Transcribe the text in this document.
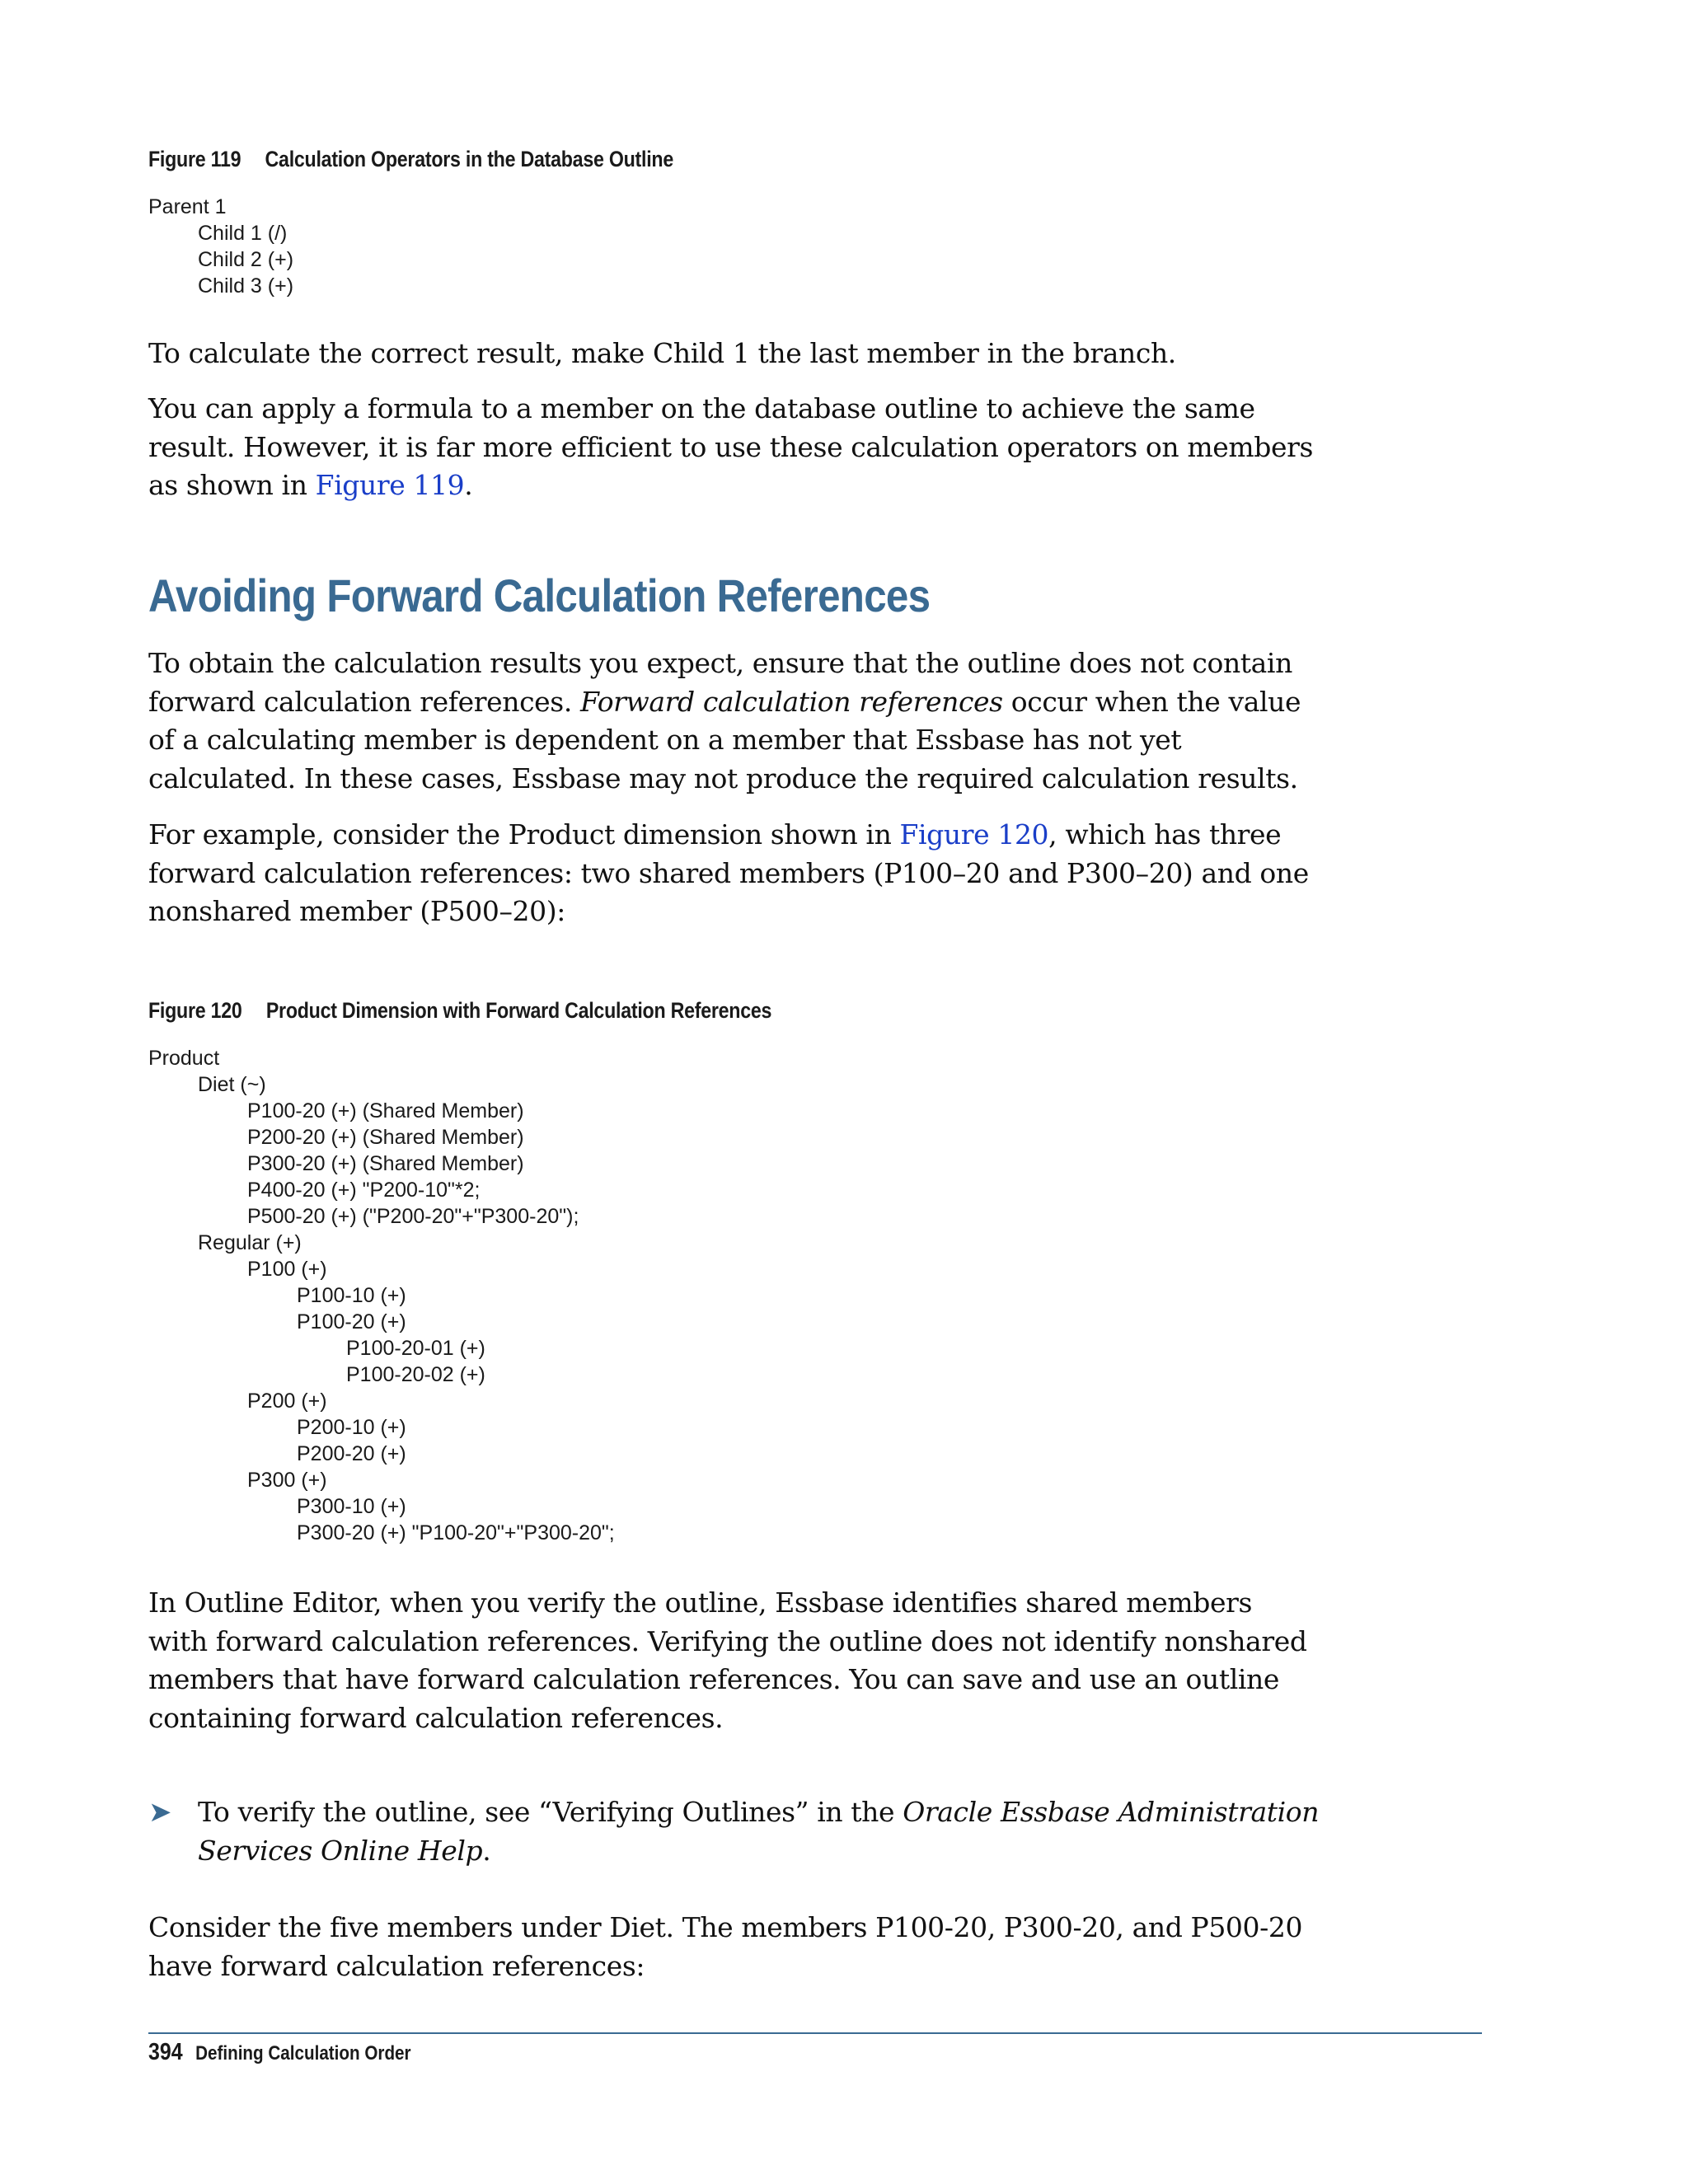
Figure 119 Calculation Operators in the Database Outline
Parent 1
Child 1 (/)
Child 2 (+)
Child 3 (+)

To calculate the correct result, make Child 1 the last member in the branch.

You can apply a formula to a member on the database outline to achieve the same result. However, it is far more efficient to use these calculation operators on members as shown in Figure 119.

Avoiding Forward Calculation References

To obtain the calculation results you expect, ensure that the outline does not contain forward calculation references. Forward calculation references occur when the value of a calculating member is dependent on a member that Essbase has not yet calculated. In these cases, Essbase may not produce the required calculation results.

For example, consider the Product dimension shown in Figure 120, which has three forward calculation references: two shared members (P100–20 and P300–20) and one nonshared member (P500–20):

Figure 120 Product Dimension with Forward Calculation References
Product
Diet (~)
P100-20 (+) (Shared Member)
P200-20 (+) (Shared Member)
P300-20 (+) (Shared Member)
P400-20 (+) "P200-10"*2;
P500-20 (+) ("P200-20"+"P300-20");
Regular (+)
P100 (+)
P100-10 (+)
P100-20 (+)
P100-20-01 (+)
P100-20-02 (+)
P200 (+)
P200-10 (+)
P200-20 (+)
P300 (+)
P300-10 (+)
P300-20 (+) "P100-20"+"P300-20";

In Outline Editor, when you verify the outline, Essbase identifies shared members with forward calculation references. Verifying the outline does not identify nonshared members that have forward calculation references. You can save and use an outline containing forward calculation references.

➤ To verify the outline, see “Verifying Outlines” in the Oracle Essbase Administration Services Online Help.

Consider the five members under Diet. The members P100-20, P300-20, and P500-20 have forward calculation references:

394 Defining Calculation Order
